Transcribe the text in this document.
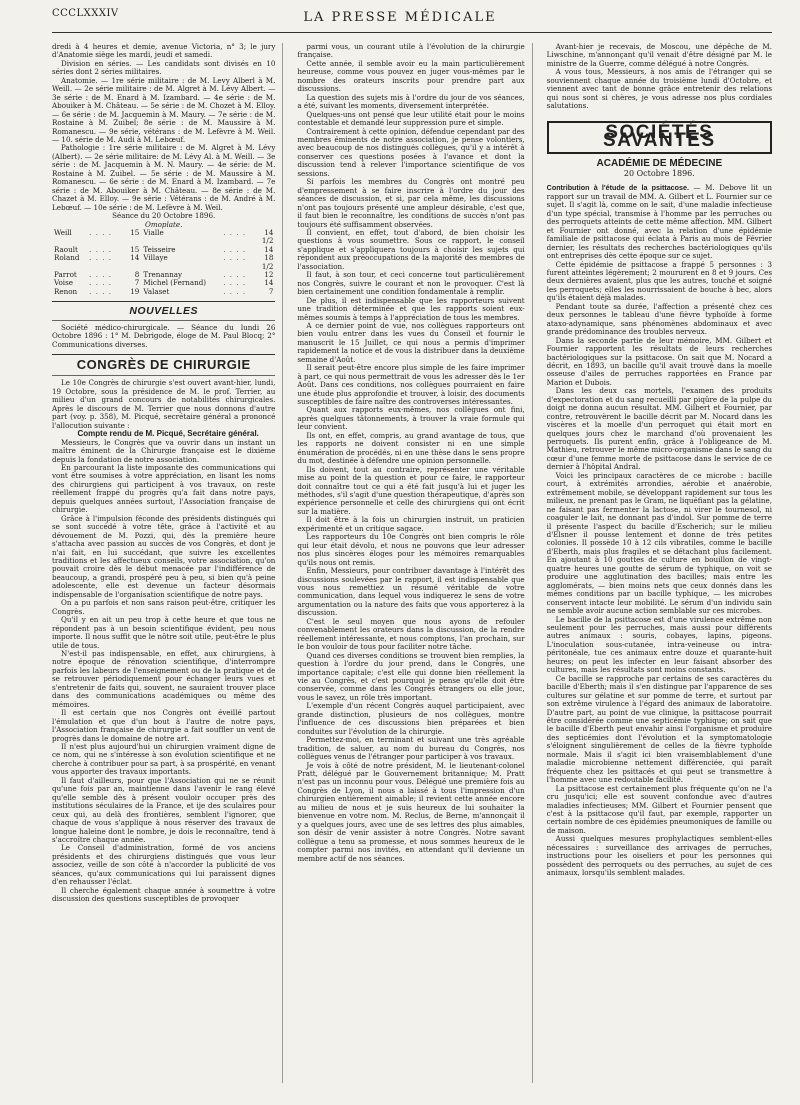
CCCLXXXIV	LA PRESSE MÉDICALE

dredi à 4 heures et demie, avenue Victoria, n° 3; le jury d'Anatomie siège les mardi, jeudi et samedi.

Division en séries. — Les candidats sont divisés en 10 séries dont 2 séries militaires.

Anatomie. — 1re série militaire : de M. Levy Alberl à M. Weill. — 2e série militaire : de M. Algret à M. Lévy Albert. — 3e série : de M. Enard à M. Izambard. — 4e série : de M. Abouiker à M. Château. — 5e série : de M. Chozet à M. Elloy. — 6e série : de M. Jacquemin à M. Maury. — 7e série : de M. Rostaine à M. Zuibel; 8e série : de M. Maussire à M. Romanescu. — 9e série, vétérans : de M. Lefèvre à M. Weil. — 10. série de M. Audi à M. Lebœuf.

Pathologie : 1re série militaire : de M. Algret à M. Lévy (Albert). — 2e série militaire: de M. Lévy Al. à M. Weill. — 3e série : de M. Jacquemin à M. N. Maury. — 4e série: de M. Rostaine à M. Zuibel. — 5e série : de M. Maussire à M. Romanescu. — 6e série : de M. Enard à M. Izambard. — 7e série : de M. Abouiker à M. Château. — 8e série : de M. Chazet à M. Elloy. — 9e série : Vétérans : de M. André à M. Lebœuf. — 10e série : de M. Lefèvre à M. Weil.

Séance du 20 Octobre 1896.

Omoplate.

Weill	. . . .	15	Vialle	. . . .	14 1/2
Raoult	. . . .	15	Teisseire	. . . .	14
Roland	. . . .	14	Villaye	. . . .	18 1/2
Parrot	. . . .	8	Trenannay	. . . .	12
Voise	. . . .	7	Michel (Fernand)	. . . .	14
Renon	. . . .	19	Valaset	. . . .	7
NOUVELLES

Société médico-chirurgicale. — Séance du lundi 26 Octobre 1896 : 1° M. Debrigode, éloge de M. Paul Blocq; 2° Communications diverses.

CONGRÈS DE CHIRURGIE

Le 10e Congrès de chirurgie s'est ouvert avant-hier, lundi, 19 Octobre, sous la présidence de M. le prof. Terrier, au milieu d'un grand concours de notabilités chirurgicales. Après le discours de M. Terrier que nous donnons d'autre part (voy. p. 358), M. Picqué, secrétaire général a prononcé l'allocution suivante :

Compte rendu de M. Picqué, Secrétaire général.

Messieurs, le Congrès que va ouvrir dans un instant un maître éminent de la Chirurgie française est le dixième depuis la fondation de notre association.

En parcourant la liste imposante des communications qui vont être soumises à votre appréciation, en lisant les noms des chirurgiens qui participent à vos travaux, on reste réellement frappé du progrès qu'a fait dans notre pays, depuis quelques années surtout, l'Association française de chirurgie.

Grâce à l'impulsion féconde des présidents distingués qui se sont succédé à votre tête, grâce à l'activité et au dévouement de M. Pozzi, qui, dès la première heure s'attacha avec passion au succès de vos Congrès, et dont je n'ai fait, en lui succédant, que suivre les excellentes traditions et les affectueux conseils, votre association, qu'on pouvait croire dès le début menacée par l'indifférence de beaucoup, a grandi, prospéré peu à peu, si bien qu'à peine adolescente, elle est devenue un facteur désormais indispensable de l'organisation scientifique de notre pays.

On a pu parfois et non sans raison peut-être, critiquer les Congrès.

Qu'il y en ait un peu trop à cette heure et que tous ne répondent pas à un besoin scientifique évident, peu nous importe. Il nous suffit que le nôtre soit utile, peut-être le plus utile de tous.

N'est-il pas indispensable, en effet, aux chirurgiens, à notre époque de rénovation scientifique, d'interrompre parfois les labeurs de l'enseignement ou de la pratique et de se retrouver périodiquement pour échanger leurs vues et s'entretenir de faits qui, souvent, ne sauraient trouver place dans des communications académiques ou même des mémoires.

Il est certain que nos Congrès ont éveillé partout l'émulation et que d'un bout à l'autre de notre pays, l'Association française de chirurgie a fait souffler un vent de progrès dans le domaine de notre art.

Il n'est plus aujourd'hui un chirurgien vraiment digne de ce nom, qui ne s'intéresse à son évolution scientifique et ne cherche à contribuer pour sa part, à sa prospérité, en venant vous apporter des travaux importants.

Il faut d'ailleurs, pour que l'Association qui ne se réunit qu'une fois par an, maintienne dans l'avenir le rang élevé qu'elle semble dès à présent vouloir occuper près des institutions séculaires de la France, et ije des sculaires pour ceux qui, au delà des frontières, semblent l'ignorer, que chaque de vous s'applique à nous réserver des travaux de longue haleine dont le nombre, je dois le reconnaître, tend à s'accroître chaque année.

Le Conseil d'administration, formé de vos anciens présidents et des chirurgiens distingués que vous leur associez, veille de son côté à n'accorder la publicité de vos séances, qu'aux communications qui lui paraissent dignes d'en rehausser l'éclat.

Il cherche également chaque année à soumettre à votre discussion des questions susceptibles de provoquer

parmi vous, un courant utile à l'évolution de la chirurgie française.

Cette année, il semble avoir eu la main particulièrement heureuse, comme vous pouvez en juger vous-mêmes par le nombre des orateurs inscrits pour prendre part aux discussions.

La question des sujets mis à l'ordre du jour de vos séances, a été, suivant les moments, diversement interprétée.

Quelques-uns ont pensé que leur utilité était pour le moins contestable et demandé leur suppression pure et simple.

Contrairement à cette opinion, défendue cependant par des membres éminents de notre association, je pense volontiers, avec beaucoup de nos distingués collègues, qu'il y a intérêt à conserver ces questions posées à l'avance et dont la discussion tend à relever l'importance scientifique de vos sessions.

Si parfois les membres du Congrès ont montré peu d'empressement à se faire inscrire à l'ordre du jour des séances de discussion, et si, par cela même, les discussions n'ont pas toujours présenté une ampleur désirable, c'est que, il faut bien le reconnaître, les conditions de succès n'ont pas toujours été suffisamment observées.

Il convient, en effet, tout d'abord, de bien choisir les questions à vous soumettre. Sous ce rapport, le conseil s'applique et s'appliquera toujours à choisir les sujets qui répondent aux préoccupations de la majorité des membres de l'association.

Il faut, à son tour, et ceci concerne tout particulièrement nos Congrès, suivre le courant et non le provoquer. C'est là bien certainement une condition fondamentale à remplir.

De plus, il est indispensable que les rapporteurs suivent une tradition déterminée et que les rapports soient eux-mêmes soumis à temps à l'appréciation de tous les membres.

A ce dernier point de vue, nos collègues rapporteurs ont bien voulu entrer dans les vues du Conseil et fournir le manuscrit le 15 Juillet, ce qui nous a permis d'imprimer rapidement la notice et de vous la distribuer dans la deuxième semaine d'Août.

Il serait peut-être encore plus simple de les faire imprimer à part, ce qui nous permettrait de vous les adresser dès le 1er Août. Dans ces conditions, nos collègues pourraient en faire une étude plus approfondie et trouver, à loisir, des documents susceptibles de faire naître des controverses intéressantes.

Quant aux rapports eux-mêmes, nos collègues ont fini, après quelques tâtonnements, à trouver la vraie formule qui leur convient.

Ils ont, en effet, compris, au grand avantage de tous, que les rapports ne doivent consister ni en une simple énumération de procédés, ni en une thèse dans le sens propre du mot, destinée à défendre une opinion personnelle.

Ils doivent, tout au contraire, représenter une véritable mise au point de la question et pour ce faire, le rapporteur doit connaître tout ce qui a été fait jusqu'à lui et juger les méthodes, s'il s'agit d'une question thérapeutique, d'après son expérience personnelle et celle des chirurgiens qui ont écrit sur la matière.

Il doit être à la fois un chirurgien instruit, un praticien expérimenté et un critique sagace.

Les rapporteurs du 10e Congrès ont bien compris le rôle qui leur était dévolu, et nous ne pouvons que leur adresser nos plus sincères éloges pour les mémoires remarquables qu'ils nous ont remis.

Enfin, Messieurs, pour contribuer davantage à l'intérêt des discussions soulevées par le rapport, il est indispensable que vous nous remettiez un résumé véritable de votre communication, dans lequel vous indiquerez le sens de votre argumentation ou la nature des faits que vous apporterez à la discussion.

C'est le seul moyen que nous ayons de refouler convenablement les orateurs dans la discussion, de la rendre réellement intéressante, et nous comptons, l'an prochain, sur le bon vouloir de tous pour faciliter notre tâche.

Quand ces diverses conditions se trouvent bien remplies, la question à l'ordre du jour prend, dans le Congrès, une importance capitale; c'est elle qui donne bien réellement la vie au Congrès, et c'est pourquoi je pense qu'elle doit être conservée, comme dans les Congrès étrangers ou elle jouc, vous le savez, un rôle très important.

L'exemple d'un récent Congrès auquel participaient, avec grande distinction, plusieurs de nos collègues, montre l'influence de ces discussions bien préparées et bien conduites sur l'évolution de la chirurgie.

Permettez-moi, en terminant et suivant une très agréable tradition, de saluer, au nom du bureau du Congrès, nos collègues venus de l'étranger pour participer à vos travaux.

Je vois à côté de notre président, M. le lieutenant-colonel Pratt, délégué par le Gouvernement britannique; M. Pratt n'est pas un inconnu pour vous. Délégué une première fois au Congrès de Lyon, il nous a laissé à tous l'impression d'un chirurgien entièrement aimable; il revient cette année encore au milieu de nous et je suis heureux de lui souhaiter la bienvenue en votre nom. M. Reclus, de Berne, m'annonçait il y a quelques jours, avec une de ses lettres des plus aimables, son désir de venir assister à notre Congrès. Notre savant collègue a tenu sa promesse, et nous sommes heureux de le compter parmi nos invités, en attendant qu'il devienne un membre actif de nos séances.

Avant-hier je recevais, de Moscou, une dépêche de M. Liwschine, m'annonçant qu'il venait d'être désigné par M. le ministre de la Guerre, comme délégué à notre Congrès.

A vous tous, Messieurs, à nos amis de l'étranger qui se souviennent chaque année du troisième lundi d'Octobre, et viennent avec tant de bonne grâce entretenir des relations qui nous sont si chères, je vous adresse nos plus cordiales salutations.

SOCIÉTÉS SAVANTES
ACADÉMIE DE MÉDECINE
20 Octobre 1896.

Contribution à l'étude de la psittacose. — M. Debove lit un rapport sur un travail de MM. A. Gilbert et L. Fournier sur ce sujet. Il s'agit là, comme on le sait, d'une maladie infectieuse d'un type spécial, transmise à l'homme par les perruches ou des perroquets atteints de cette même affection. MM. Gilbert et Fournier ont donné, avec la relation d'une épidémie familiale de psittacose qui éclata à Paris au mois de Février dernier, les résultats des recherches bactériologiques qu'ils ont entreprises dès cette époque sur ce sujet.

Cette épidémie de psittacose a frappé 5 personnes : 3 furent atteintes légèrement; 2 moururent en 8 et 9 jours. Ces deux dernières avaient, plus que les autres, touché et soigné les perroquets; elles les nourrissaient de bouche à bec, alors qu'ils étaient déjà malades.

Pendant toute sa durée, l'affection a présenté chez ces deux personnes le tableau d'une fièvre typhoïde à forme ataxo-adynamique, sans phénomènes abdominaux et avec grande prédominance des troubles nerveux.

Dans la seconde partie de leur mémoire, MM. Gilbert et Fournier rapportent les résultats de leurs recherches bactériologiques sur la psittacose. On sait que M. Nocard a décrit, en 1893, un bacille qu'il avait trouvé dans la moelle osseuse d'ailes de perruches rapportées en France par Marion et Dubois.

Dans les deux cas mortels, l'examen des produits d'expectoration et du sang recueilli par piqûre de la pulpe du doigt ne donna aucun résultat. MM. Gilbert et Fournier, par contre, retrouvèrent le bacille décrit par M. Nocard dans les viscères et la moelle d'un perroquet qui était mort en quelques jours chez le marchand d'où provenaient les perroquets. Ils purent enfin, grâce à l'obligeance de M. Mathieu, retrouver le même micro-organisme dans le sang du cœur d'une femme morte de psittacose dans le service de ce dernier à l'hôpital Andral.

Voici les principaux caractères de ce microbe : bacille court, à extrémités arrondies, aérobie et anaérobie, extrêmement mobile, se développant rapidement sur tous les milieux, ne prenant pas le Gram, ne liquéfiant pas la gélatine, ne faisant pas fermenter la lactose, ni virer le tournesol, ni coaguler le lait, ne donnant pas d'indol. Sur pomme de terre il présente l'aspect du bacille d'Escherich; sur le milieu d'Elsner il pousse lentement et donne de très petites colonies. Il possède 10 à 12 cils vibratiles, comme le bacille d'Eberth, mais plus fragiles et se détachant plus facilement. En ajoutant à 10 gouttes de culture en bouillon de vingt-quatre heures une goutte de sérum de typhique, on voit se produire une agglutination des bacilles; mais entre les agglomérats, — bien moins nets que ceux donnés dans les mêmes conditions par un bacille typhique, — les microbes conservent intacte leur mobilité. Le sérum d'un individu sain ne semble avoir aucune action semblable sur ces microbes.

Le bacille de la psittacose est d'une virulence extrême non seulement pour les perruches, mais aussi pour différents autres animaux : souris, cobayes, lapins, pigeons. L'inoculation sous-cutanée, intra-veineuse ou intra-péritonéale, tue ces animaux entre douze et quarante-huit heures; on peut les infecter en leur faisant absorber des cultures, mais les résultats sont moins constants.

Ce bacille se rapproche par certains de ses caractères du bacille d'Eberth; mais il s'en distingue par l'apparence de ses cultures sur gélatine et sur pomme de terre, et surtout par son extrême virulence à l'égard des animaux de laboratoire. D'autre part, au point de vue clinique, la psittacose pourrait être considérée comme une septicémie typhique; on sait que le bacille d'Eberth peut envahir ainsi l'organisme et produire des septicémies dont l'évolution et la symptomatologie s'éloignent singulièrement de celles de la fièvre typhoïde normale. Mais il s'agit ici bien vraisemblablement d'une maladie microbienne nettement différenciée, qui paraît fréquente chez les psittacés et qui peut se transmettre à l'homme avec une redoutable facilité.

La psittacose est certainement plus fréquente qu'on ne l'a cru jusqu'ici; elle est souvent confondue avec d'autres maladies infectieuses; MM. Gilbert et Fournier pensent que c'est à la psittacose qu'il faut, par exemple, rapporter un certain nombre de ces épidémies pneumoniques de famille ou de maison.

Aussi quelques mesures prophylactiques semblent-elles nécessaires : surveillance des arrivages de perruches, instructions pour les oiseliers et pour les personnes qui possèdent des perroquets ou des perruches, au sujet de ces animaux, lorsqu'ils semblent malades.
